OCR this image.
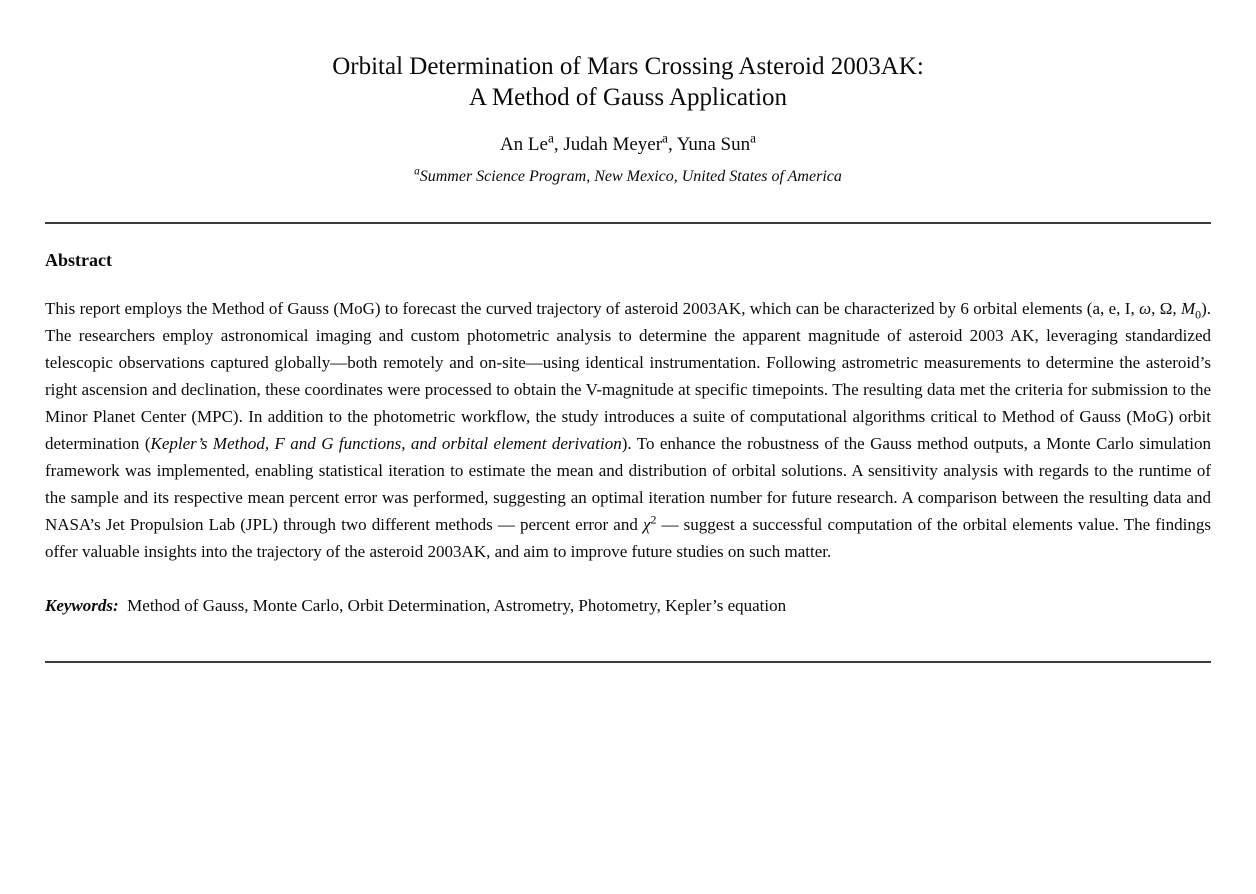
Orbital Determination of Mars Crossing Asteroid 2003AK:
A Method of Gauss Application
An Le$^a$, Judah Meyer$^a$, Yuna Sun$^a$
$^a$Summer Science Program, New Mexico, United States of America
Abstract
This report employs the Method of Gauss (MoG) to forecast the curved trajectory of asteroid 2003AK, which can be characterized by 6 orbital elements (a, e, I, ω, Ω, $M_0$). The researchers employ astronomical imaging and custom photometric analysis to determine the apparent magnitude of asteroid 2003 AK, leveraging standardized telescopic observations captured globally—both remotely and on-site—using identical instrumentation. Following astrometric measurements to determine the asteroid’s right ascension and declination, these coordinates were processed to obtain the V-magnitude at specific timepoints. The resulting data met the criteria for submission to the Minor Planet Center (MPC). In addition to the photometric workflow, the study introduces a suite of computational algorithms critical to Method of Gauss (MoG) orbit determination (Kepler’s Method, F and G functions, and orbital element derivation). To enhance the robustness of the Gauss method outputs, a Monte Carlo simulation framework was implemented, enabling statistical iteration to estimate the mean and distribution of orbital solutions. A sensitivity analysis with regards to the runtime of the sample and its respective mean percent error was performed, suggesting an optimal iteration number for future research. A comparison between the resulting data and NASA’s Jet Propulsion Lab (JPL) through two different methods — percent error and $\chi^2$ — suggest a successful computation of the orbital elements value. The findings offer valuable insights into the trajectory of the asteroid 2003AK, and aim to improve future studies on such matter.
Keywords: Method of Gauss, Monte Carlo, Orbit Determination, Astrometry, Photometry, Kepler’s equation
